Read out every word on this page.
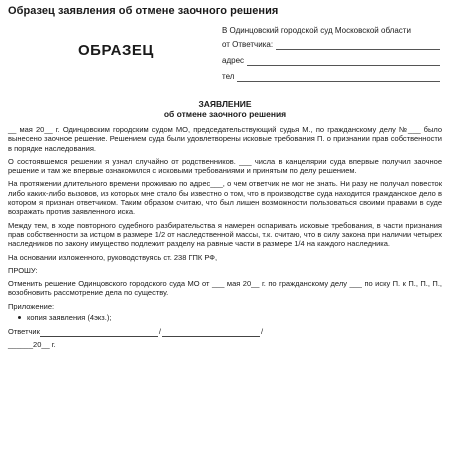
Образец заявления об отмене заочного решения
ОБРАЗЕЦ
В Одинцовский городской суд Московской области
от Ответчика:
адрес
тел
ЗАЯВЛЕНИЕ
об отмене заочного решения

__ мая 20__ г. Одинцовским городским судом МО, председательствующий судья М., по гражданскому делу №___ было вынесено заочное решение. Решением суда были удовлетворены исковые требования П. о признании прав собственности в порядке наследования.

О состоявшемся решении я узнал случайно от родственников. ___ числа в канцелярии суда впервые получил заочное решение и там же впервые ознакомился с исковыми требованиями и принятым по делу решением.

На протяжении длительного времени проживаю по адрес___, о чем ответчик не мог не знать. Ни разу не получал повесток либо каких-либо вызовов, из которых мне стало бы известно о том, что в производстве суда находится гражданское дело в котором я признан ответчиком. Таким образом считаю, что был лишен возможности пользоваться своими правами в суде возражать против заявленного иска.

Между тем, в ходе повторного судебного разбирательства я намерен оспаривать исковые требования, в части признания прав собственности за истцом в размере 1/2 от наследственной массы, т.к. считаю, что в силу закона при наличии четырех наследников по закону имущество подлежит разделу на равные части в размере 1/4 на каждого наследника.

На основании изложенного, руководствуясь ст. 238 ГПК РФ,

ПРОШУ:

Отменить решение Одинцовского городского суда МО от ___ мая 20__ г. по гражданскому делу ___ по иску П. к П., П., П., возобновить рассмотрение дела по существу.

Приложение:

копия заявления (4экз.);
Ответчик	/	/
______20__ г.
